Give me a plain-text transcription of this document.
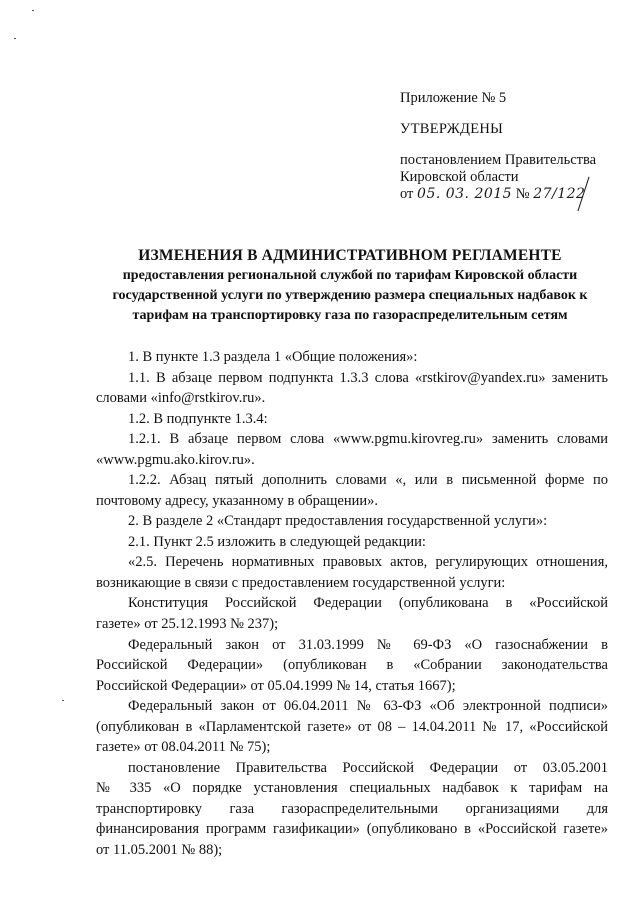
Приложение № 5
УТВЕРЖДЕНЫ
постановлением Правительства
Кировской области
от 05. 03. 2015 № 27/122
ИЗМЕНЕНИЯ В АДМИНИСТРАТИВНОМ РЕГЛАМЕНТЕ
предоставления региональной службой по тарифам Кировской области
государственной услуги по утверждению размера специальных надбавок к
тарифам на транспортировку газа по газораспределительным сетям
1. В пункте 1.3 раздела 1 «Общие положения»:
1.1. В абзаце первом подпункта 1.3.3 слова «rstkirov@yandex.ru» заменить
словами «info@rstkirov.ru».
1.2. В подпункте 1.3.4:
1.2.1. В абзаце первом слова «www.pgmu.kirovreg.ru» заменить словами
«www.pgmu.ako.kirov.ru».
1.2.2. Абзац пятый дополнить словами «, или в письменной форме по
почтовому адресу, указанному в обращении».
2. В разделе 2 «Стандарт предоставления государственной услуги»:
2.1. Пункт 2.5 изложить в следующей редакции:
«2.5. Перечень нормативных правовых актов, регулирующих отношения,
возникающие в связи с предоставлением государственной услуги:
Конституция Российской Федерации (опубликована в «Российской
газете» от 25.12.1993 № 237);
Федеральный закон от 31.03.1999 № 69-ФЗ «О газоснабжении в
Российской Федерации» (опубликован в «Собрании законодательства
Российской Федерации» от 05.04.1999 № 14, статья 1667);
Федеральный закон от 06.04.2011 № 63-ФЗ «Об электронной подписи»
(опубликован в «Парламентской газете» от 08 – 14.04.2011 № 17, «Российской
газете» от 08.04.2011 № 75);
постановление Правительства Российской Федерации от 03.05.2001
№ 335 «О порядке установления специальных надбавок к тарифам на
транспортировку газа газораспределительными организациями для
финансирования программ газификации» (опубликовано в «Российской газете»
от 11.05.2001 № 88);
